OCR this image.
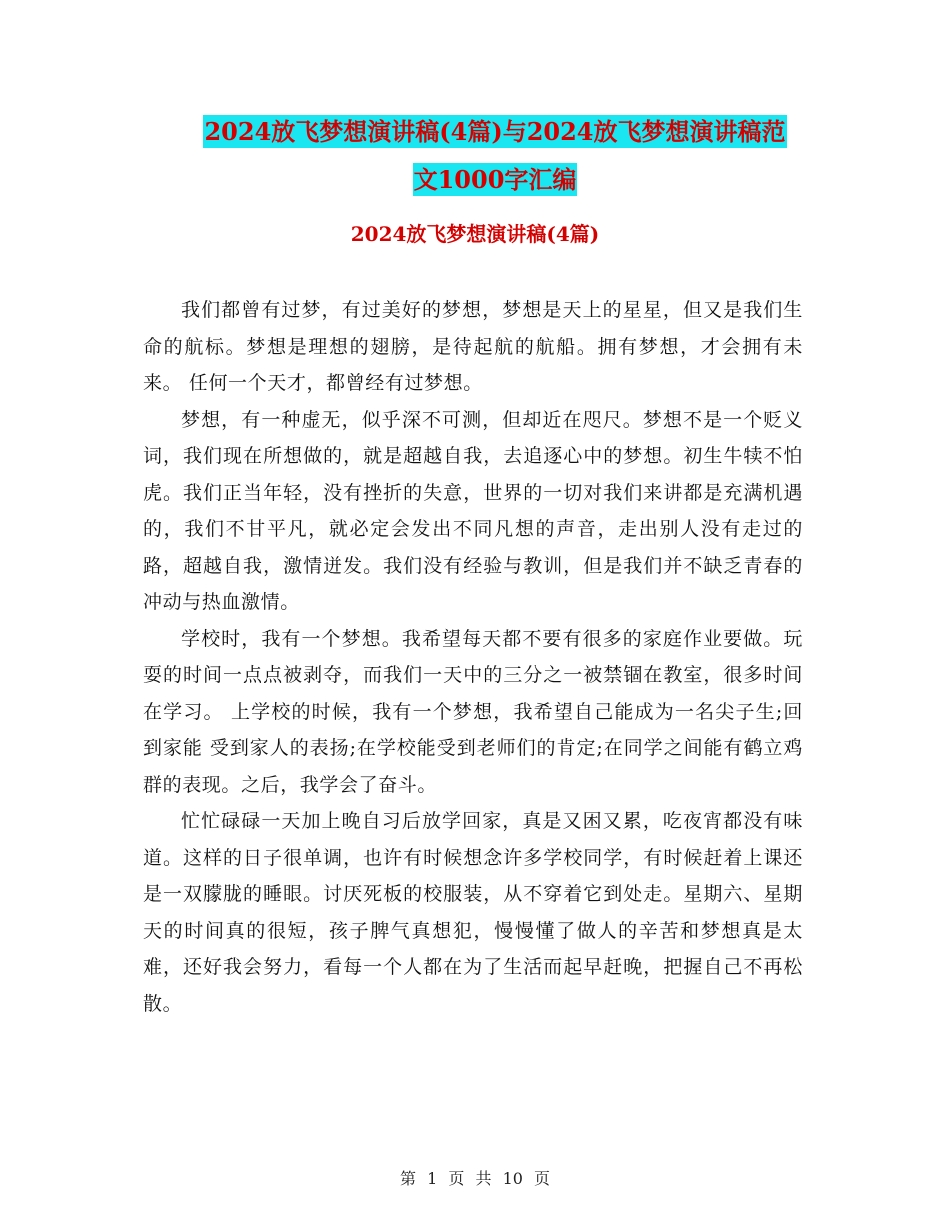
2024放飞梦想演讲稿(4篇)与2024放飞梦想演讲稿范
文1000字汇编
2024放飞梦想演讲稿(4篇)

我们都曾有过梦，有过美好的梦想，梦想是天上的星星，但又是我们生命的航标。梦想是理想的翅膀，是待起航的航船。拥有梦想，才会拥有未来。 任何一个天才，都曾经有过梦想。

梦想，有一种虚无，似乎深不可测，但却近在咫尺。梦想不是一个贬义词，我们现在所想做的，就是超越自我，去追逐心中的梦想。初生牛犊不怕虎。我们正当年轻，没有挫折的失意，世界的一切对我们来讲都是充满机遇的，我们不甘平凡，就必定会发出不同凡想的声音，走出别人没有走过的路，超越自我，激情迸发。我们没有经验与教训，但是我们并不缺乏青春的冲动与热血激情。

学校时，我有一个梦想。我希望每天都不要有很多的家庭作业要做。玩耍的时间一点点被剥夺，而我们一天中的三分之一被禁锢在教室，很多时间在学习。 上学校的时候，我有一个梦想，我希望自己能成为一名尖子生;回到家能 受到家人的表扬;在学校能受到老师们的肯定;在同学之间能有鹤立鸡群的表现。之后，我学会了奋斗。

忙忙碌碌一天加上晚自习后放学回家，真是又困又累，吃夜宵都没有味道。这样的日子很单调，也许有时候想念许多学校同学，有时候赶着上课还是一双朦胧的睡眼。讨厌死板的校服装，从不穿着它到处走。星期六、星期天的时间真的很短，孩子脾气真想犯，慢慢懂了做人的辛苦和梦想真是太难，还好我会努力，看每一个人都在为了生活而起早赶晚，把握自己不再松散。

第 1 页 共 10 页
